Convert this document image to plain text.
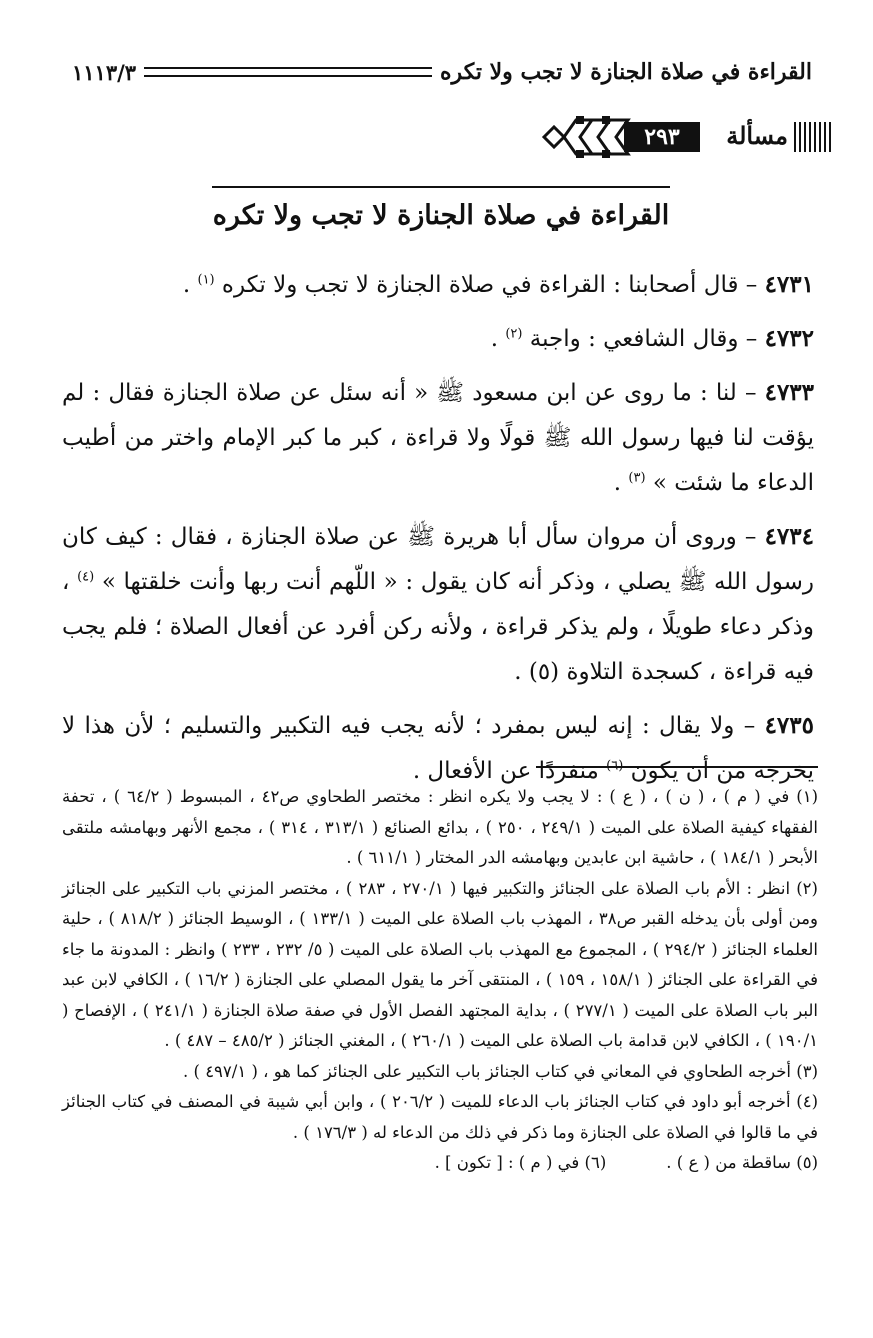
القراءة في صلاة الجنازة لا تجب ولا تكره
١١١٣/٣
مسألة
٢٩٣
القراءة في صلاة الجنازة لا تجب ولا تكره

٤٧٣١ – قال أصحابنا : القراءة في صلاة الجنازة لا تجب ولا تكره $^{(١)}$ .

٤٧٣٢ – وقال الشافعي : واجبة $^{(٢)}$ .

٤٧٣٣ – لنا : ما روى عن ابن مسعود ﷺ « أنه سئل عن صلاة الجنازة فقال : لم يؤقت لنا فيها رسول الله ﷺ قولًا ولا قراءة ، كبر ما كبر الإمام واختر من أطيب الدعاء ما شئت » $^{(٣)}$ .

٤٧٣٤ – وروى أن مروان سأل أبا هريرة ﷺ عن صلاة الجنازة ، فقال : كيف كان رسول الله ﷺ يصلي ، وذكر أنه كان يقول : « اللّهم أنت ربها وأنت خلقتها » $^{(٤)}$ ، وذكر دعاء طويلًا ، ولم يذكر قراءة ، ولأنه ركن أفرد عن أفعال الصلاة ؛ فلم يجب فيه قراءة ، كسجدة التلاوة (٥) .

٤٧٣٥ – ولا يقال : إنه ليس بمفرد ؛ لأنه يجب فيه التكبير والتسليم ؛ لأن هذا لا يخرجه من أن يكون $^{(٦)}$ منفردًا عن الأفعال .

(١) في ( م ) ، ( ن ) ، ( ع ) : لا يجب ولا يكره انظر : مختصر الطحاوي ص٤٢ ، المبسوط ( ٦٤/٢ ) ، تحفة الفقهاء كيفية الصلاة على الميت ( ٢٤٩/١ ، ٢٥٠ ) ، بدائع الصنائع ( ٣١٣/١ ، ٣١٤ ) ، مجمع الأنهر وبهامشه ملتقى الأبحر ( ١٨٤/١ ) ، حاشية ابن عابدين وبهامشه الدر المختار ( ٦١١/١ ) .

(٢) انظر : الأم باب الصلاة على الجنائز والتكبير فيها ( ٢٧٠/١ ، ٢٨٣ ) ، مختصر المزني باب التكبير على الجنائز ومن أولى بأن يدخله القبر ص٣٨ ، المهذب باب الصلاة على الميت ( ١٣٣/١ ) ، الوسيط الجنائز ( ٨١٨/٢ ) ، حلية العلماء الجنائز ( ٢٩٤/٢ ) ، المجموع مع المهذب باب الصلاة على الميت ( ٥/ ٢٣٢ ، ٢٣٣ ) وانظر : المدونة ما جاء في القراءة على الجنائز ( ١٥٨/١ ، ١٥٩ ) ، المنتقى آخر ما يقول المصلي على الجنازة ( ١٦/٢ ) ، الكافي لابن عبد البر باب الصلاة على الميت ( ٢٧٧/١ ) ، بداية المجتهد الفصل الأول في صفة صلاة الجنازة ( ٢٤١/١ ) ، الإفصاح ( ١٩٠/١ ) ، الكافي لابن قدامة باب الصلاة على الميت ( ٢٦٠/١ ) ، المغني الجنائز ( ٤٨٥/٢ – ٤٨٧ ) .

(٣) أخرجه الطحاوي في المعاني في كتاب الجنائز باب التكبير على الجنائز كما هو ، ( ٤٩٧/١ ) .

(٤) أخرجه أبو داود في كتاب الجنائز باب الدعاء للميت ( ٢٠٦/٢ ) ، وابن أبي شيبة في المصنف في كتاب الجنائز في ما قالوا في الصلاة على الجنازة وما ذكر في ذلك من الدعاء له ( ١٧٦/٣ ) .

(٥) ساقطة من ( ع ) .
(٦) في ( م ) : [ تكون ] .
